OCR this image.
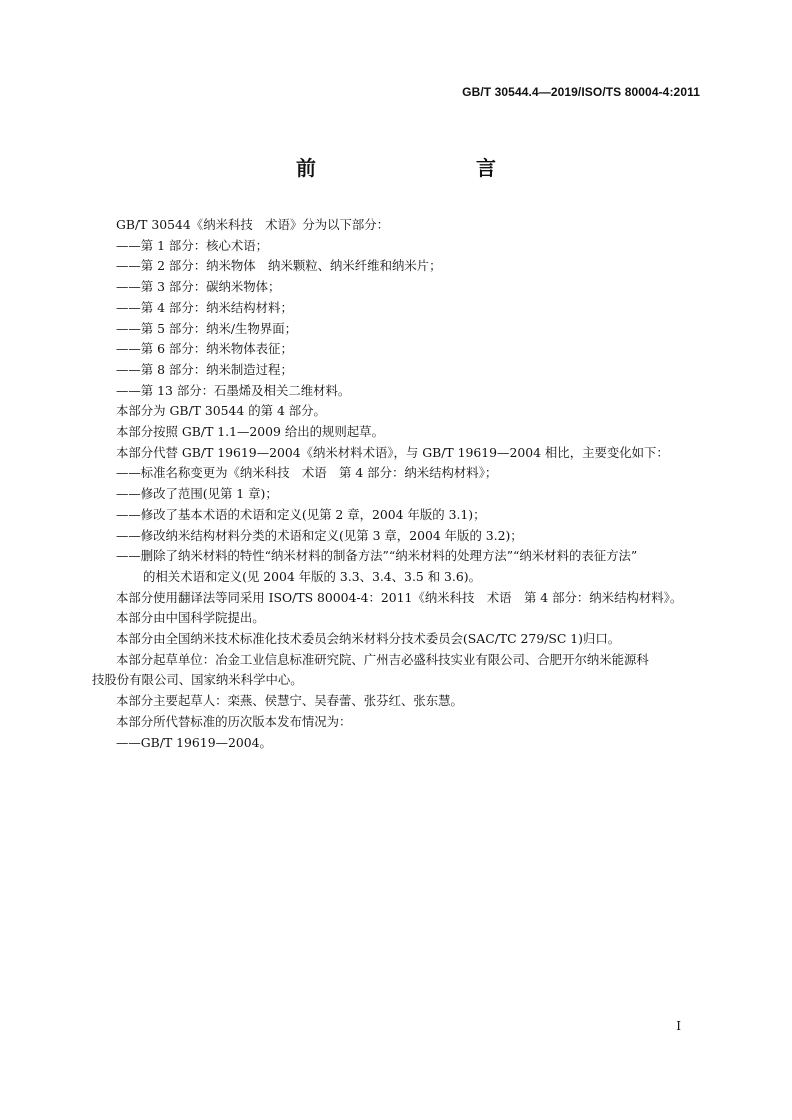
GB/T 30544.4—2019/ISO/TS 80004-4:2011
前　　言

GB/T 30544《纳米科技　术语》分为以下部分：

——第 1 部分：核心术语；

——第 2 部分：纳米物体　纳米颗粒、纳米纤维和纳米片；

——第 3 部分：碳纳米物体；

——第 4 部分：纳米结构材料；

——第 5 部分：纳米/生物界面；

——第 6 部分：纳米物体表征；

——第 8 部分：纳米制造过程；

——第 13 部分：石墨烯及相关二维材料。

本部分为 GB/T 30544 的第 4 部分。

本部分按照 GB/T 1.1—2009 给出的规则起草。

本部分代替 GB/T 19619—2004《纳米材料术语》，与 GB/T 19619—2004 相比，主要变化如下：

——标准名称变更为《纳米科技　术语　第 4 部分：纳米结构材料》；

——修改了范围(见第 1 章)；

——修改了基本术语的术语和定义(见第 2 章，2004 年版的 3.1)；

——修改纳米结构材料分类的术语和定义(见第 3 章，2004 年版的 3.2)；

——删除了纳米材料的特性“纳米材料的制备方法”“纳米材料的处理方法”“纳米材料的表征方法”

的相关术语和定义(见 2004 年版的 3.3、3.4、3.5 和 3.6)。

本部分使用翻译法等同采用 ISO/TS 80004-4：2011《纳米科技　术语　第 4 部分：纳米结构材料》。

本部分由中国科学院提出。

本部分由全国纳米技术标准化技术委员会纳米材料分技术委员会(SAC/TC 279/SC 1)归口。

本部分起草单位：冶金工业信息标准研究院、广州吉必盛科技实业有限公司、合肥开尔纳米能源科

技股份有限公司、国家纳米科学中心。

本部分主要起草人：栾燕、侯慧宁、吴春蕾、张芬红、张东慧。

本部分所代替标准的历次版本发布情况为：

——GB/T 19619—2004。

I
